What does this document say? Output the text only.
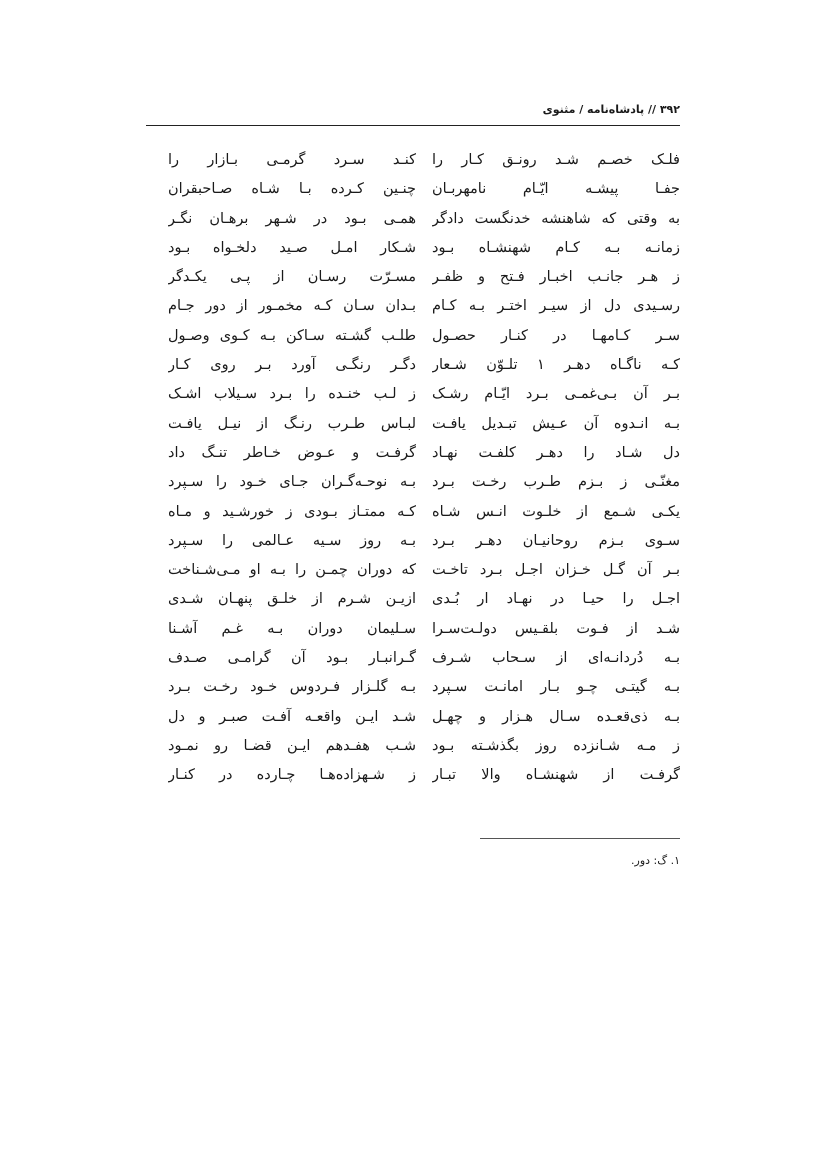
۳۹۲ // پادشاه‌نامه / مثنوی
فلـک خصـم شـد رونـق کـار را
جفـا پیشـه ایّـام نامهربـان
به وقتی که شاهنشه خدنگست دادگر
زمانـه بـه کـام شهنشـاه بـود
ز هـر جانـب اخبـار فـتح و ظفـر
رسـیدی دل از سیـر اختـر بـه کـام
سـر کـامهـا در کنـار حصـول
کـه ناگـاه دهـر ۱ تلـوّن شـعار
بـر آن بـی‌غمـی بـرد ایّـام رشـک
بـه انـدوه آن عـیش تبـدیل یافـت
دل شـاد را دهـر کلفـت نهـاد
مغنّـی ز بـزم طـرب رخـت بـرد
یکـی شـمع از خلـوت انـس شـاه
سـوی بـزم روحانیـان دهـر بـرد
بـر آن گـل خـزان اجـل بـرد تاخـت
اجـل را حیـا در نهـاد ار بُـدی
شـد از فـوت بلقـیس دولـت‌سـرا
بـه دُردانـه‌ای از سـحاب شـرف
بـه گیتـی چـو بـار امانـت سـپرد
بـه ذی‌قعـده سـال هـزار و چهـل
ز مـه شـانزده روز بگذشـته بـود
گرفـت از شهنشـاه والا تبـار
کنـد سـرد گرمـی بـازار را
چنـین کـرده بـا شـاه صـاحبقران
همـی بـود در شـهر برهـان نگـر
شـکار امـل صـید دلخـواه بـود
مسـرّت رسـان از پـی یکـدگر
بـدان سـان کـه مخمـور از دور جـام
طلـب گشـته سـاکن بـه کـوی وصـول
دگـر رنگـی آورد بـر روی کـار
ز لـب خنـده را بـرد سـیلاب اشـک
لبـاس طـرب رنـگ از نیـل یافـت
گرفـت و عـوض خـاطر تنـگ داد
بـه نوحـه‌گـران جـای خـود را سـپرد
کـه ممتـاز بـودی ز خورشـید و مـاه
بـه روز سـیه عـالمی را سـپرد
که دوران چمـن را بـه او مـی‌شـناخت
ازیـن شـرم از خلـق پنهـان شـدی
سـلیمان دوران بـه غـم آشـنا
گـرانبـار بـود آن گرامـی صـدف
بـه گلـزار فـردوس خـود رخـت بـرد
شـد ایـن واقعـه آفـت صبـر و دل
شـب هفـدهم ایـن قضـا رو نمـود
ز شـهزاده‌هـا چـارده در کنـار
۱. گ: دور.
